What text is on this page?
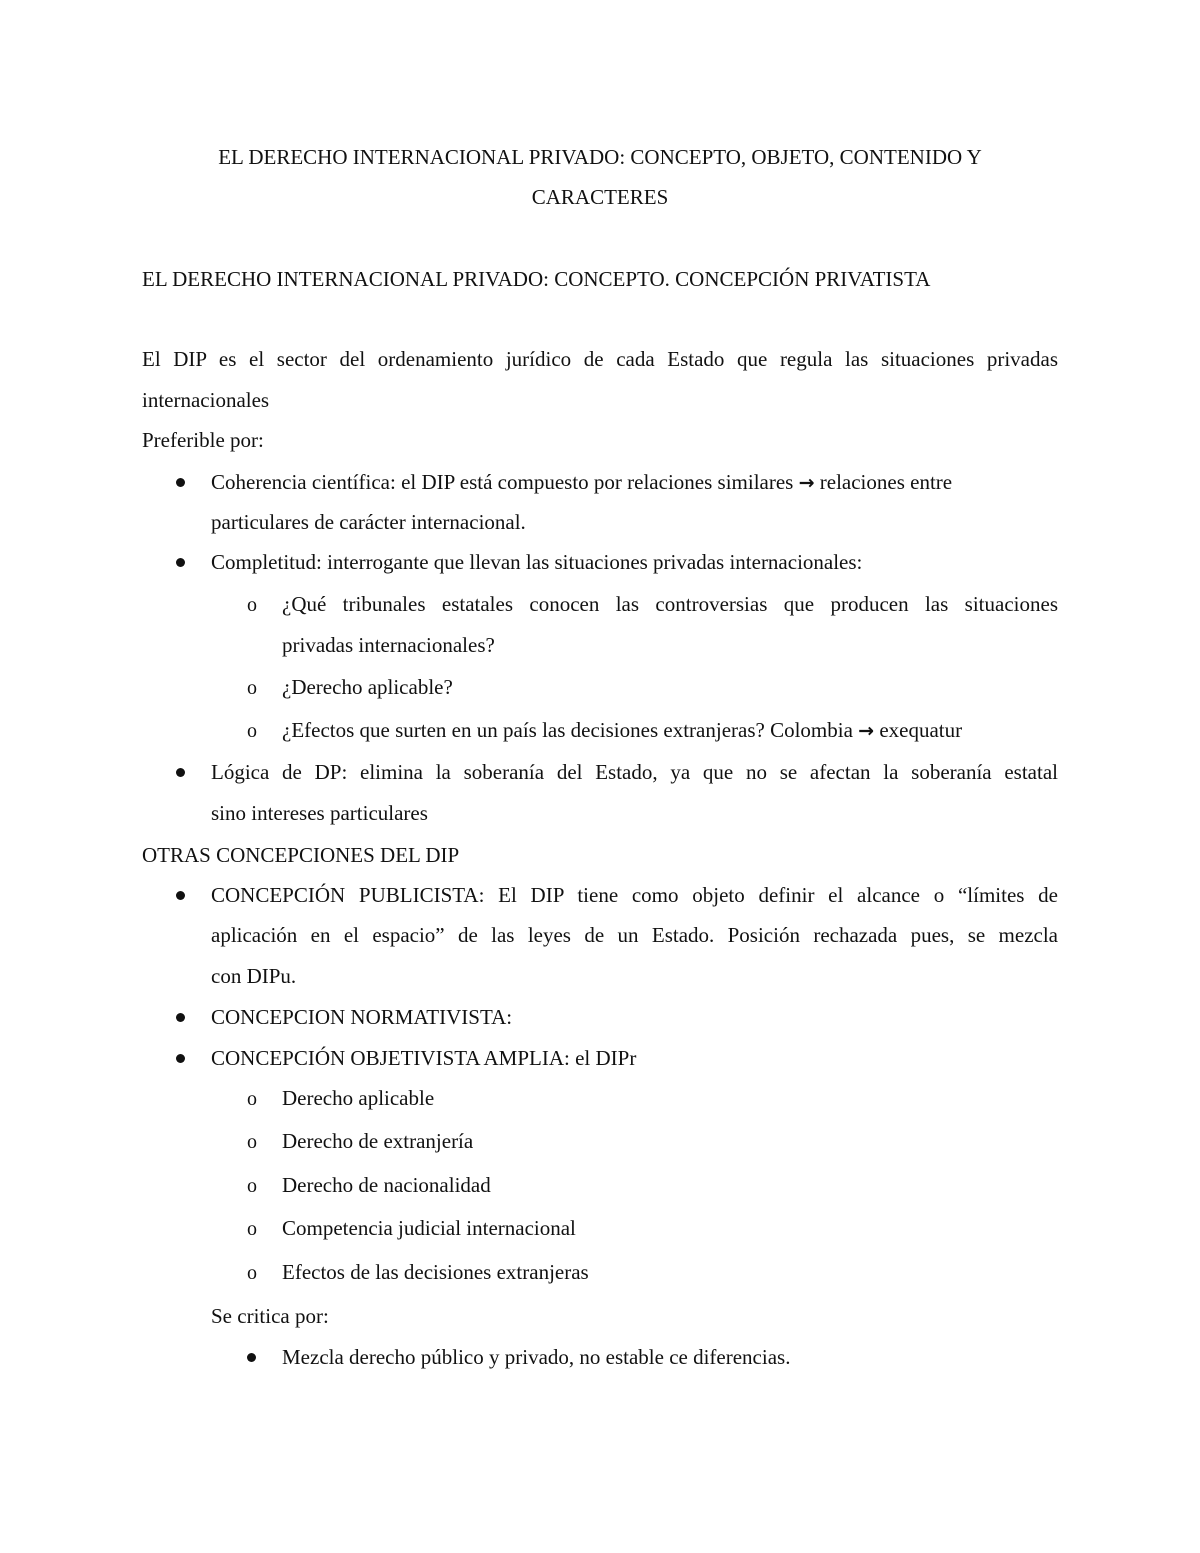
EL DERECHO INTERNACIONAL PRIVADO: CONCEPTO, OBJETO, CONTENIDO Y
CARACTERES
EL DERECHO INTERNACIONAL PRIVADO: CONCEPTO. CONCEPCIÓN PRIVATISTA
El DIP es el sector del ordenamiento jurídico de cada Estado que regula las situaciones privadas
internacionales
Preferible por:
Coherencia científica: el DIP está compuesto por relaciones similares → relaciones entre
particulares de carácter internacional.
Completitud: interrogante que llevan las situaciones privadas internacionales:
o ¿Qué tribunales estatales conocen las controversias que producen las situaciones
privadas internacionales?
o ¿Derecho aplicable?
o ¿Efectos que surten en un país las decisiones extranjeras? Colombia → exequatur
Lógica de DP: elimina la soberanía del Estado, ya que no se afectan la soberanía estatal
sino intereses particulares
OTRAS CONCEPCIONES DEL DIP
CONCEPCIÓN PUBLICISTA: El DIP tiene como objeto definir el alcance o “límites de
aplicación en el espacio” de las leyes de un Estado. Posición rechazada pues, se mezcla
con DIPu.
CONCEPCION NORMATIVISTA:
CONCEPCIÓN OBJETIVISTA AMPLIA: el DIPr
o Derecho aplicable
o Derecho de extranjería
o Derecho de nacionalidad
o Competencia judicial internacional
o Efectos de las decisiones extranjeras
Se critica por:
Mezcla derecho público y privado, no estable ce diferencias.
